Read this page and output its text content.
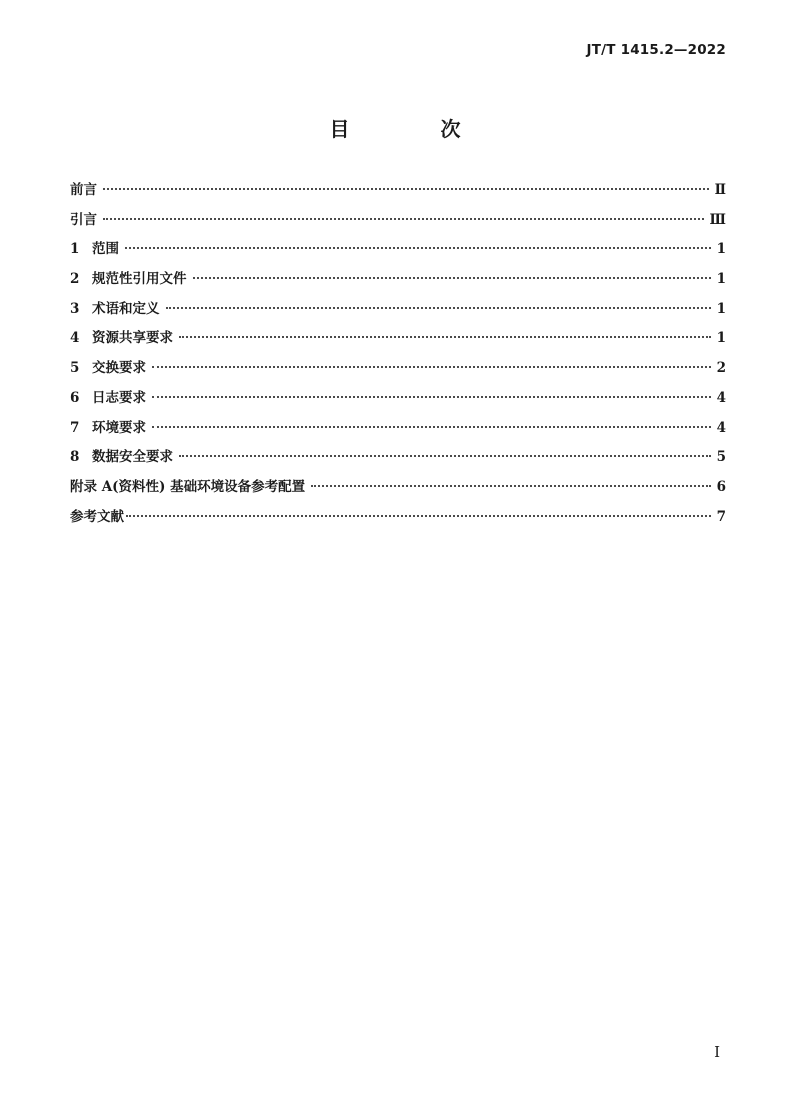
JT/T 1415.2—2022
目 次
前言	Ⅱ
引言	Ⅲ
1 范围	1
2 规范性引用文件	1
3 术语和定义	1
4 资源共享要求	1
5 交换要求	2
6 日志要求	4
7 环境要求	4
8 数据安全要求	5
附录 A(资料性) 基础环境设备参考配置	6
参考文献	7
Ⅰ
